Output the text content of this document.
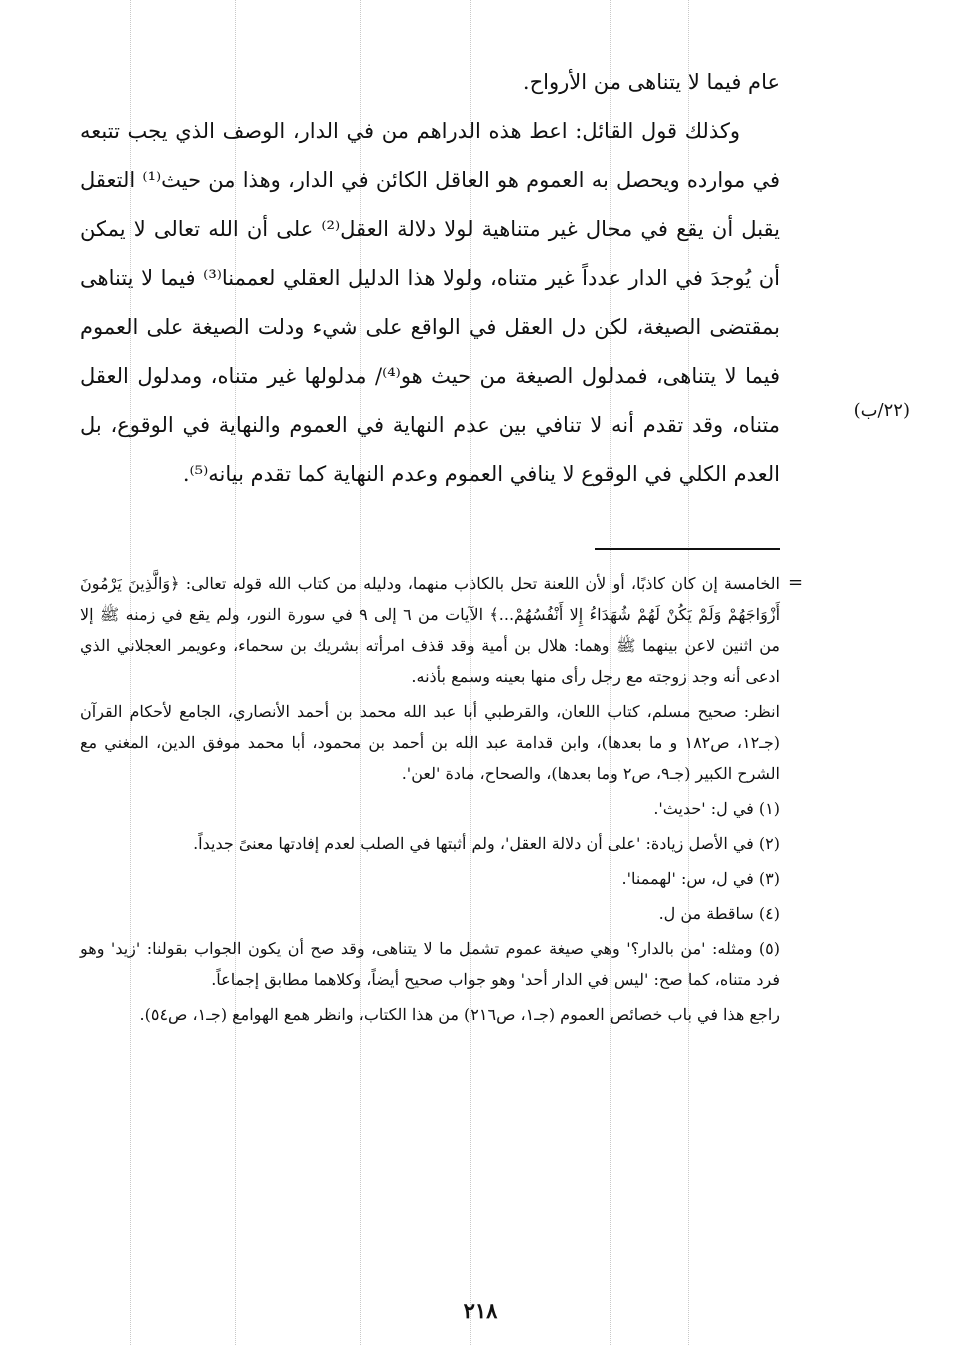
عام فيما لا يتناهى من الأرواح.

وكذلك قول القائل: اعط هذه الدراهم من في الدار، الوصف الذي يجب تتبعه في موارده ويحصل به العموم هو العاقل الكائن في الدار، وهذا من حيث⁽¹⁾ التعقل يقبل أن يقع في محال غير متناهية لولا دلالة العقل⁽²⁾ على أن الله تعالى لا يمكن أن يُوجدَ في الدار عدداً غير متناه، ولولا هذا الدليل العقلي لعممنا⁽³⁾ فيما لا يتناهى بمقتضى الصيغة، لكن دل العقل في الواقع على شيء ودلت الصيغة على العموم فيما لا يتناهى، فمدلول الصيغة من حيث هو⁽⁴⁾/ مدلولها غير متناه، ومدلول العقل متناه، وقد تقدم أنه لا تنافي بين عدم النهاية في العموم والنهاية في الوقوع، بل العدم الكلي في الوقوع لا ينافي العموم وعدم النهاية كما تقدم بيانه⁽⁵⁾.

(٢٢/ب)
=

الخامسة إن كان كاذبًا، أو لأن اللعنة تحل بالكاذب منهما، ودليله من كتاب الله قوله تعالى: ﴿وَالَّذِينَ يَرْمُونَ أَزْوَاجَهُمْ وَلَمْ يَكُنْ لَهُمْ شُهَدَاءُ إِلا أَنْفُسُهُمْ...﴾ الآيات من ٦ إلى ٩ في سورة النور، ولم يقع في زمنه ﷺ إلا من اثنين لاعن بينهما ﷺ وهما: هلال بن أمية وقد قذف امرأته بشريك بن سحماء، وعويمر العجلاني الذي ادعى أنه وجد زوجته مع رجل رأى منها بعينه وسمع بأذنه.

انظر: صحيح مسلم، كتاب اللعان، والقرطبي أبا عبد الله محمد بن أحمد الأنصاري، الجامع لأحكام القرآن (جـ١٢، ص١٨٢ و ما بعدها)، وابن قدامة عبد الله بن أحمد بن محمود، أبا محمد موفق الدين، المغني مع الشرح الكبير (جـ٩، ص٢ وما بعدها)، والصحاح، مادة 'لعن'.

(١) في ل: 'حديث'.

(٢) في الأصل زيادة: 'على أن دلالة العقل'، ولم أثبتها في الصلب لعدم إفادتها معنىً جديداً.

(٣) في ل، س: 'لهممنا'.

(٤) ساقطة من ل.

(٥) ومثله: 'من بالدار؟' وهي صيغة عموم تشمل ما لا يتناهى، وقد صح أن يكون الجواب بقولنا: 'زيد' وهو فرد متناه، كما صح: 'ليس في الدار أحد' وهو جواب صحيح أيضاً، وكلاهما مطابق إجماعاً.

راجع هذا في باب خصائص العموم (جـ١، ص٢١٦) من هذا الكتاب، وانظر همع الهوامع (جـ١، ص٥٤).

٢١٨
